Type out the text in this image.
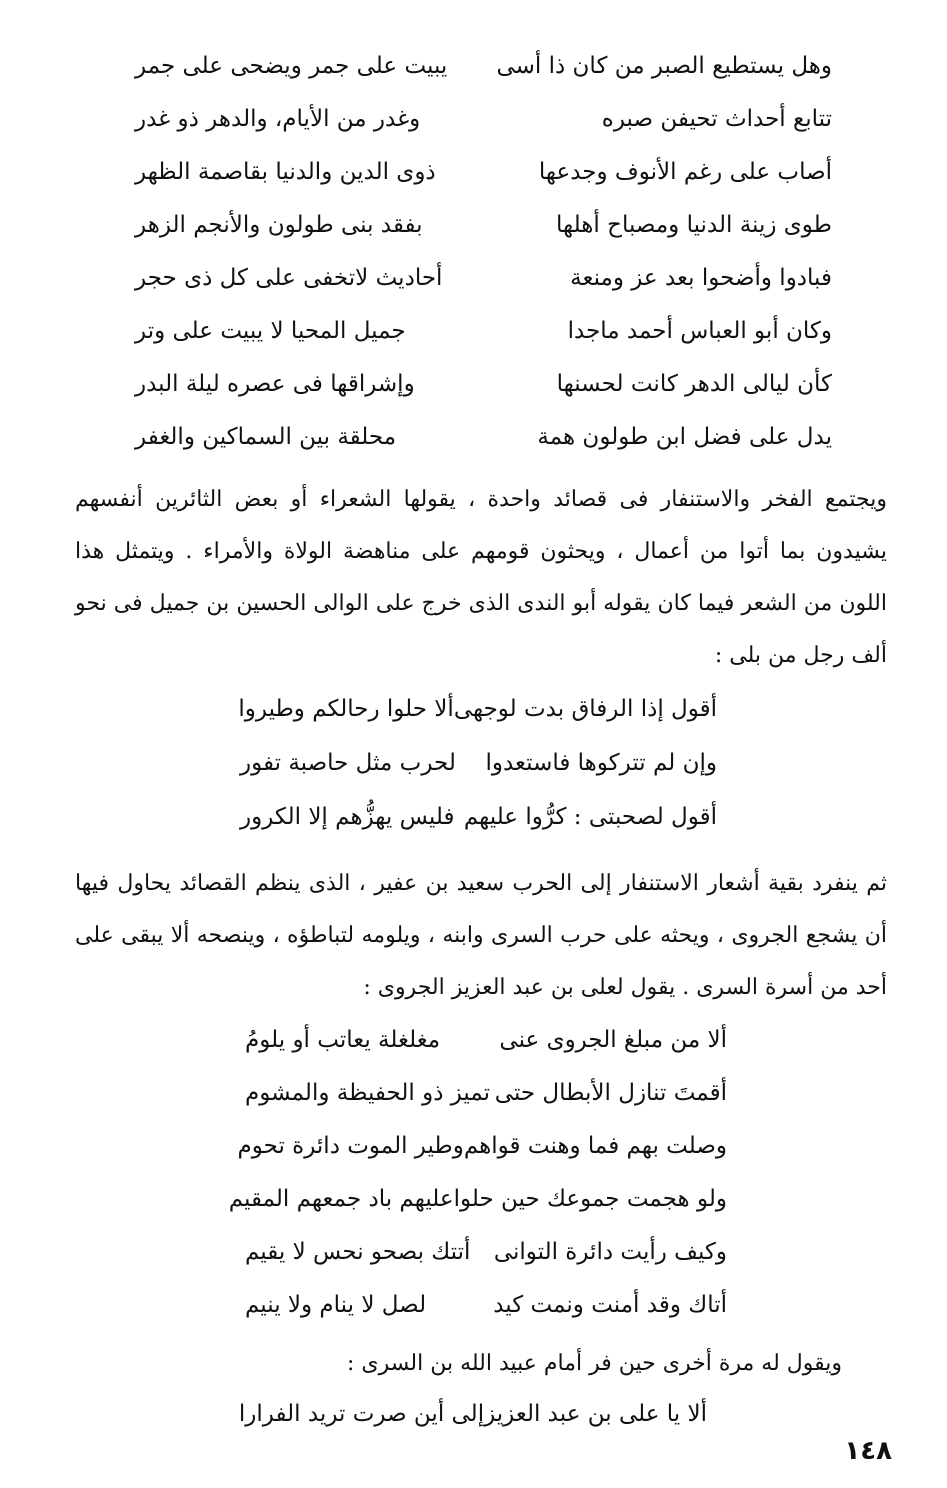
وهل يستطيع الصبر من كان ذا أسى
يبيت على جمر ويضحى على جمر
تتابع أحداث تحيفن صبره
وغدر من الأيام، والدهر ذو غدر
أصاب على رغم الأنوف وجدعها
ذوى الدين والدنيا بقاصمة الظهر
طوى زينة الدنيا ومصباح أهلها
بفقد بنى طولون والأنجم الزهر
فبادوا وأضحوا بعد عز ومنعة
أحاديث لاتخفى على كل ذى حجر
وكان أبو العباس أحمد ماجدا
جميل المحيا لا يبيت على وتر
كأن ليالى الدهر كانت لحسنها
وإشراقها فى عصره ليلة البدر
يدل على فضل ابن طولون همة
محلقة بين السماكين والغفر

ويجتمع الفخر والاستنفار فى قصائد واحدة ، يقولها الشعراء أو بعض الثائرين أنفسهم يشيدون بما أتوا من أعمال ، ويحثون قومهم على مناهضة الولاة والأمراء . ويتمثل هذا اللون من الشعر فيما كان يقوله أبو الندى الذى خرج على الوالى الحسين بن جميل فى نحو ألف رجل من بلى :

أقول إذا الرفاق بدت لوجهى
ألا حلوا رحالكم وطيروا
وإن لم تتركوها فاستعدوا
لحرب مثل حاصبة تفور
أقول لصحبتى : كرُّوا عليهم
فليس يهزُّهم إلا الكرور

ثم ينفرد بقية أشعار الاستنفار إلى الحرب سعيد بن عفير ، الذى ينظم القصائد يحاول فيها أن يشجع الجروى ، ويحثه على حرب السرى وابنه ، ويلومه لتباطؤه ، وينصحه ألا يبقى على أحد من أسرة السرى . يقول لعلى بن عبد العزيز الجروى :

ألا من مبلغ الجروى عنى
مغلغلة يعاتب أو يلومُ
أقمتَ تنازل الأبطال حتى
تميز ذو الحفيظة والمشوم
وصلت بهم فما وهنت قواهم
وطير الموت دائرة تحوم
ولو هجمت جموعك حين حلوا
عليهم باد جمعهم المقيم
وكيف رأيت دائرة التوانى
أتتك بصحو نحس لا يقيم
أتاك وقد أمنت ونمت كيد
لصل لا ينام ولا ينيم

ويقول له مرة أخرى حين فر أمام عبيد الله بن السرى :

ألا يا على بن عبد العزيز
إلى أين صرت تريد الفرارا
١٤٨
